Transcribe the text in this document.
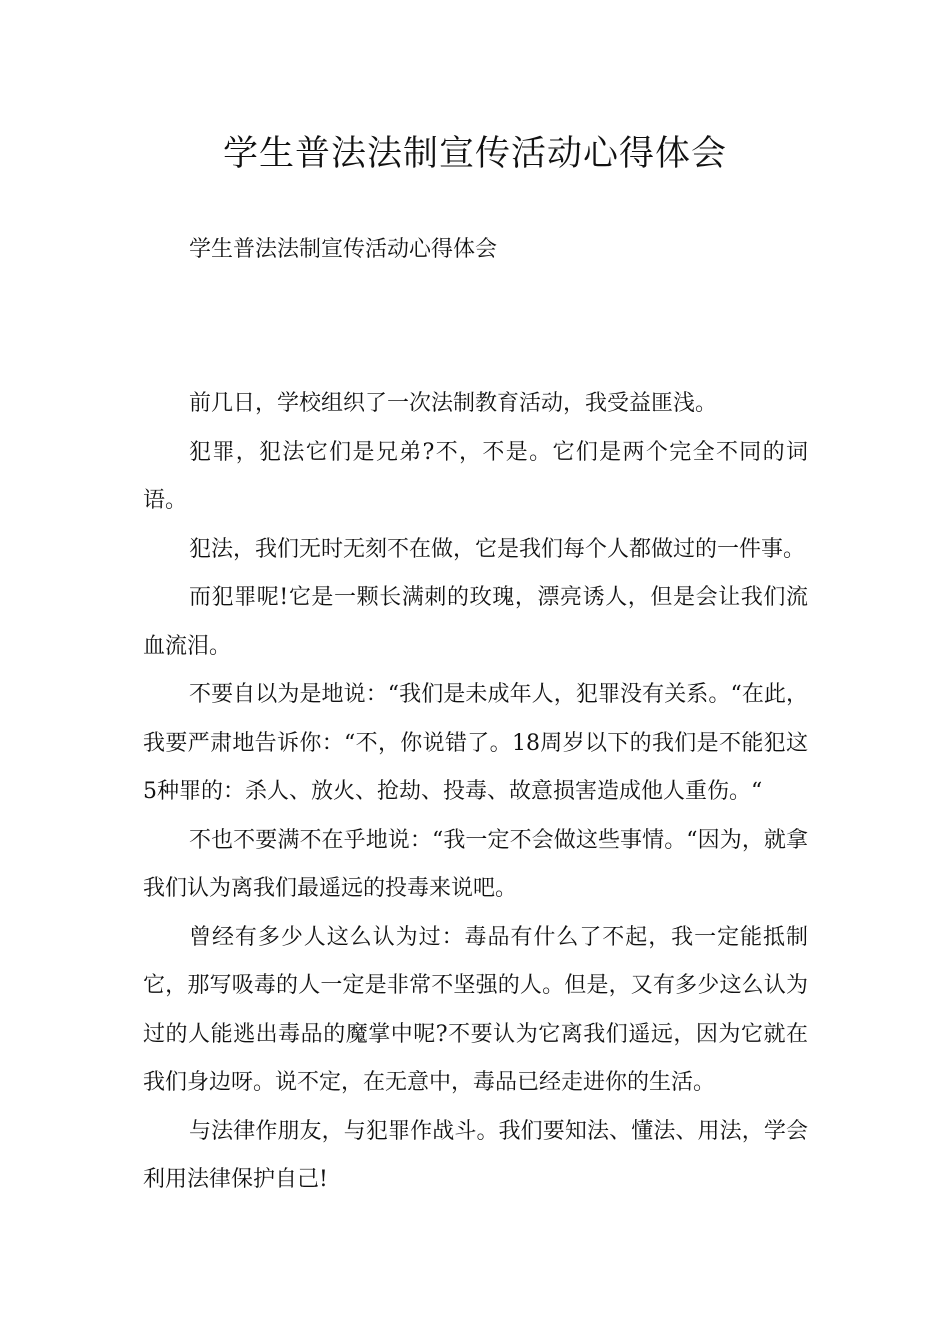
学生普法法制宣传活动心得体会

学生普法法制宣传活动心得体会

前几日，学校组织了一次法制教育活动，我受益匪浅。

犯罪，犯法它们是兄弟?不，不是。它们是两个完全不同的词语。

犯法，我们无时无刻不在做，它是我们每个人都做过的一件事。

而犯罪呢!它是一颗长满刺的玫瑰，漂亮诱人，但是会让我们流血流泪。

不要自以为是地说：“我们是未成年人，犯罪没有关系。“在此，我要严肃地告诉你：“不，你说错了。18周岁以下的我们是不能犯这5种罪的：杀人、放火、抢劫、投毒、故意损害造成他人重伤。“

不也不要满不在乎地说：“我一定不会做这些事情。“因为，就拿我们认为离我们最遥远的投毒来说吧。

曾经有多少人这么认为过：毒品有什么了不起，我一定能抵制它，那写吸毒的人一定是非常不坚强的人。但是，又有多少这么认为过的人能逃出毒品的魔掌中呢?不要认为它离我们遥远，因为它就在我们身边呀。说不定，在无意中，毒品已经走进你的生活。

与法律作朋友，与犯罪作战斗。我们要知法、懂法、用法，学会利用法律保护自己!
